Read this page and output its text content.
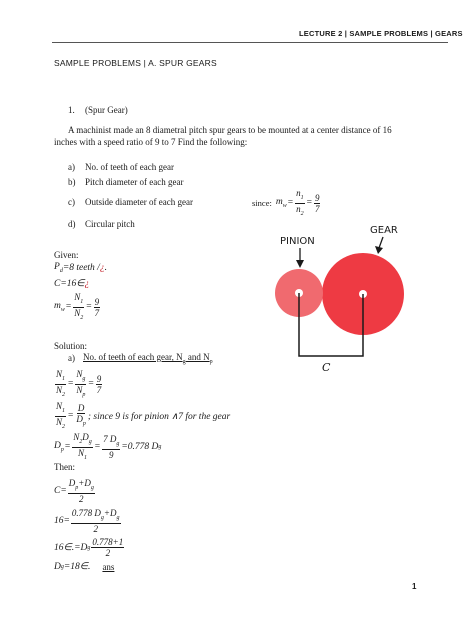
LECTURE 2 | SAMPLE PROBLEMS | GEARS
SAMPLE PROBLEMS | A. SPUR GEARS
1. (Spur Gear)
A machinist made an 8 diametral pitch spur gears to be mounted at a center distance of 16
inches with a speed ratio of 9 to 7 Find the following:
a) No. of teeth of each gear
b) Pitch diameter of each gear
c) Outside diameter of each gear
d) Circular pitch
since: $m_w = \frac{n_1}{n_2} = \frac{9}{7}$
GEAR
PINION
C
Given:
$P_d =8$ teeth / ¿ .
C=16∈ ¿
$m_w = \frac{N_1}{N_2} = \frac{9}{7}$
Solution:
a) No. of teeth of each gear, $N_g$ and $N_p$
$\frac{N_1}{N_2} = \frac{N_g}{N_p} = \frac{9}{7}$
$\frac{N_1}{N_2} = \frac{D}{D_p}$ ; since 9 is for pinion ∧7 for the gear
$D_p = \frac{N_2D_g}{N_1} = \frac{7 D_g}{9} =0.778$ D g
Then:
$C= \frac{D_p+D_g}{2}$
$16= \frac{0.778 D_g+D_g}{2}$
16∈.=D g $\frac{0.778+1}{2}$
D g =18∈. ans
1
